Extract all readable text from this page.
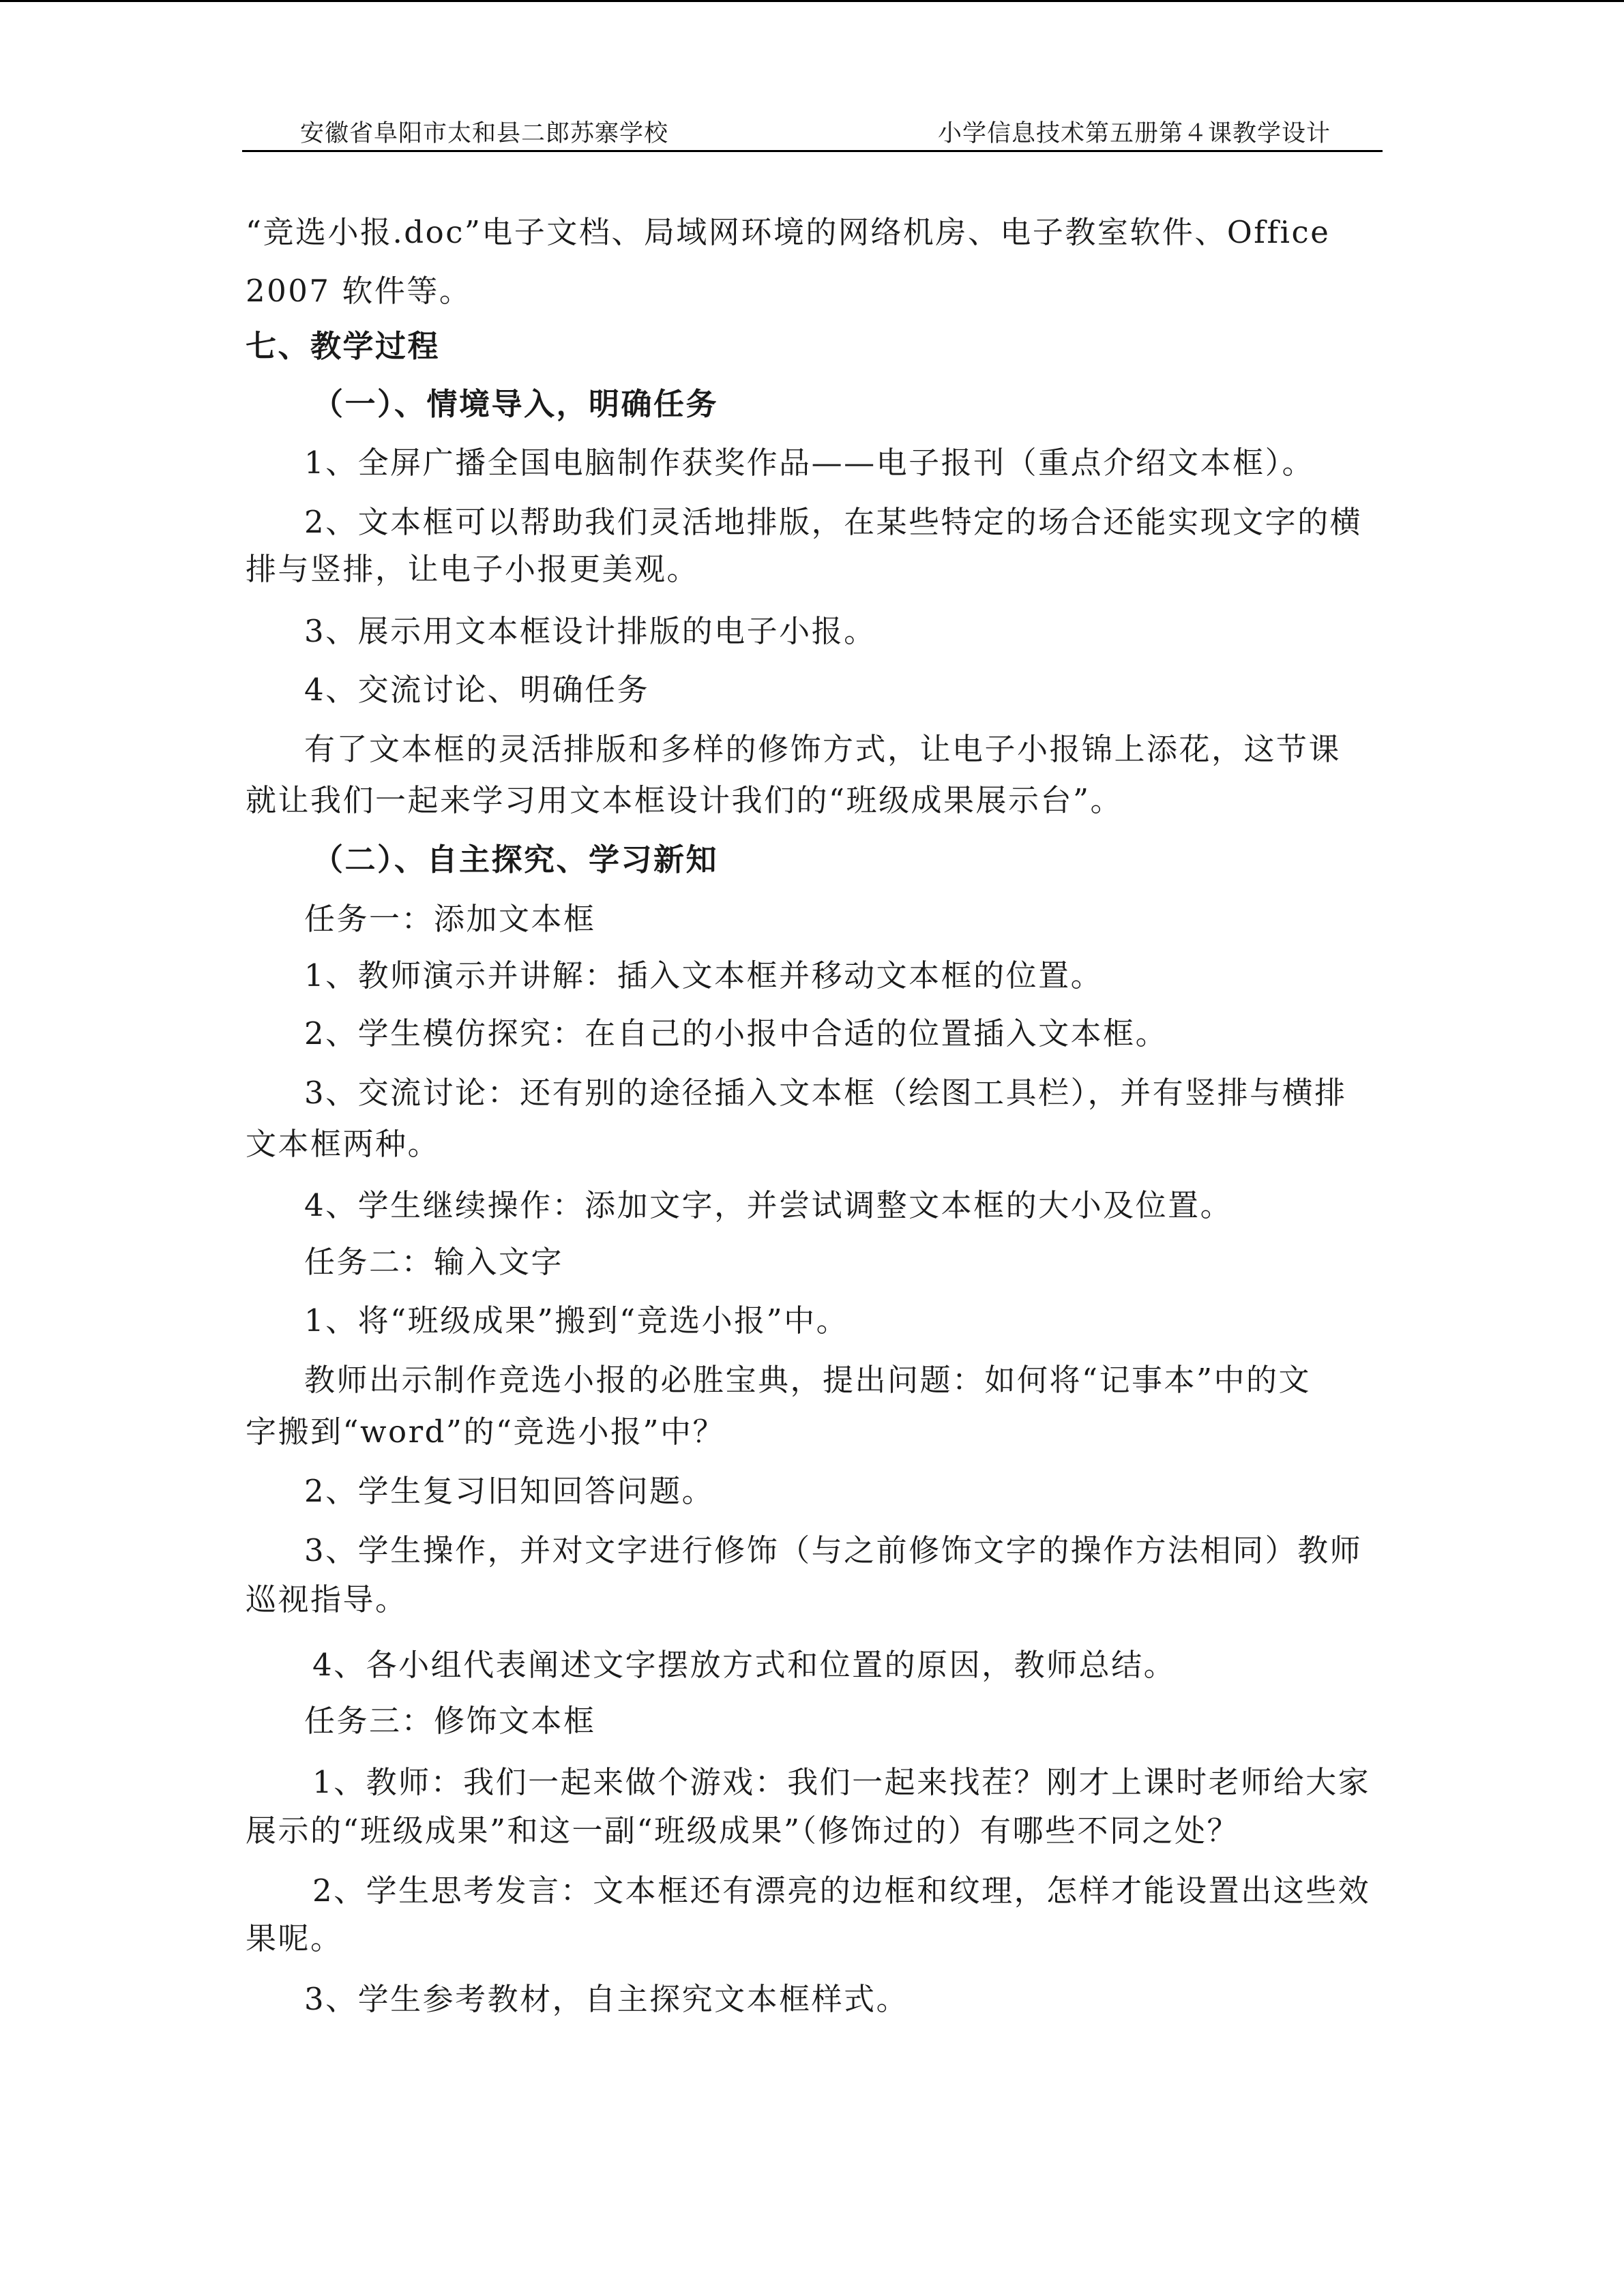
安徽省阜阳市太和县二郎苏寨学校	小学信息技术第五册第４课教学设计
“竞选小报.doc”电子文档、局域网环境的网络机房、电子教室软件、Office
2007 软件等。
七、教学过程
（一）、情境导入，明确任务
1、全屏广播全国电脑制作获奖作品——电子报刊（重点介绍文本框）。
2、文本框可以帮助我们灵活地排版，在某些特定的场合还能实现文字的横
排与竖排，让电子小报更美观。
3、展示用文本框设计排版的电子小报。
4、交流讨论、明确任务
有了文本框的灵活排版和多样的修饰方式，让电子小报锦上添花，这节课
就让我们一起来学习用文本框设计我们的“班级成果展示台”。
（二）、自主探究、学习新知
任务一：添加文本框
1、教师演示并讲解：插入文本框并移动文本框的位置。
2、学生模仿探究：在自己的小报中合适的位置插入文本框。
3、交流讨论：还有别的途径插入文本框（绘图工具栏），并有竖排与横排
文本框两种。
4、学生继续操作：添加文字，并尝试调整文本框的大小及位置。
任务二：输入文字
1、将“班级成果”搬到“竞选小报”中。
教师出示制作竞选小报的必胜宝典，提出问题：如何将“记事本”中的文
字搬到“word”的“竞选小报”中？
2、学生复习旧知回答问题。
3、学生操作，并对文字进行修饰（与之前修饰文字的操作方法相同）教师
巡视指导。
4、各小组代表阐述文字摆放方式和位置的原因，教师总结。
任务三：修饰文本框
1、教师：我们一起来做个游戏：我们一起来找茬？刚才上课时老师给大家
展示的“班级成果”和这一副“班级成果”（修饰过的）有哪些不同之处？
2、学生思考发言：文本框还有漂亮的边框和纹理，怎样才能设置出这些效
果呢。
3、学生参考教材，自主探究文本框样式。
